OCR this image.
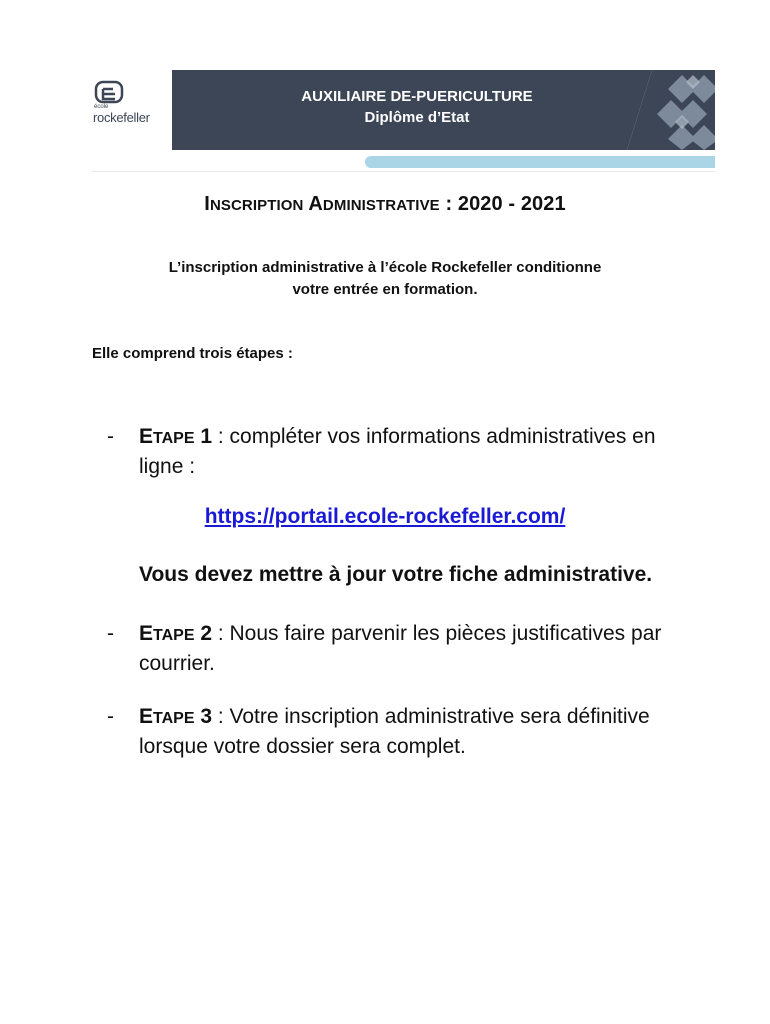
école
rockefeller
AUXILIAIRE DE-PUERICULTURE
Diplôme d’Etat
INSCRIPTION ADMINISTRATIVE : 2020 - 2021
L’inscription administrative à l’école Rockefeller conditionne
votre entrée en formation.
Elle comprend trois étapes :
- ETAPE 1 : compléter vos informations administratives en ligne :
https://portail.ecole-rockefeller.com/
Vous devez mettre à jour votre fiche administrative.
- ETAPE 2 : Nous faire parvenir les pièces justificatives par courrier.
- ETAPE 3 : Votre inscription administrative sera définitive lorsque votre dossier sera complet.
